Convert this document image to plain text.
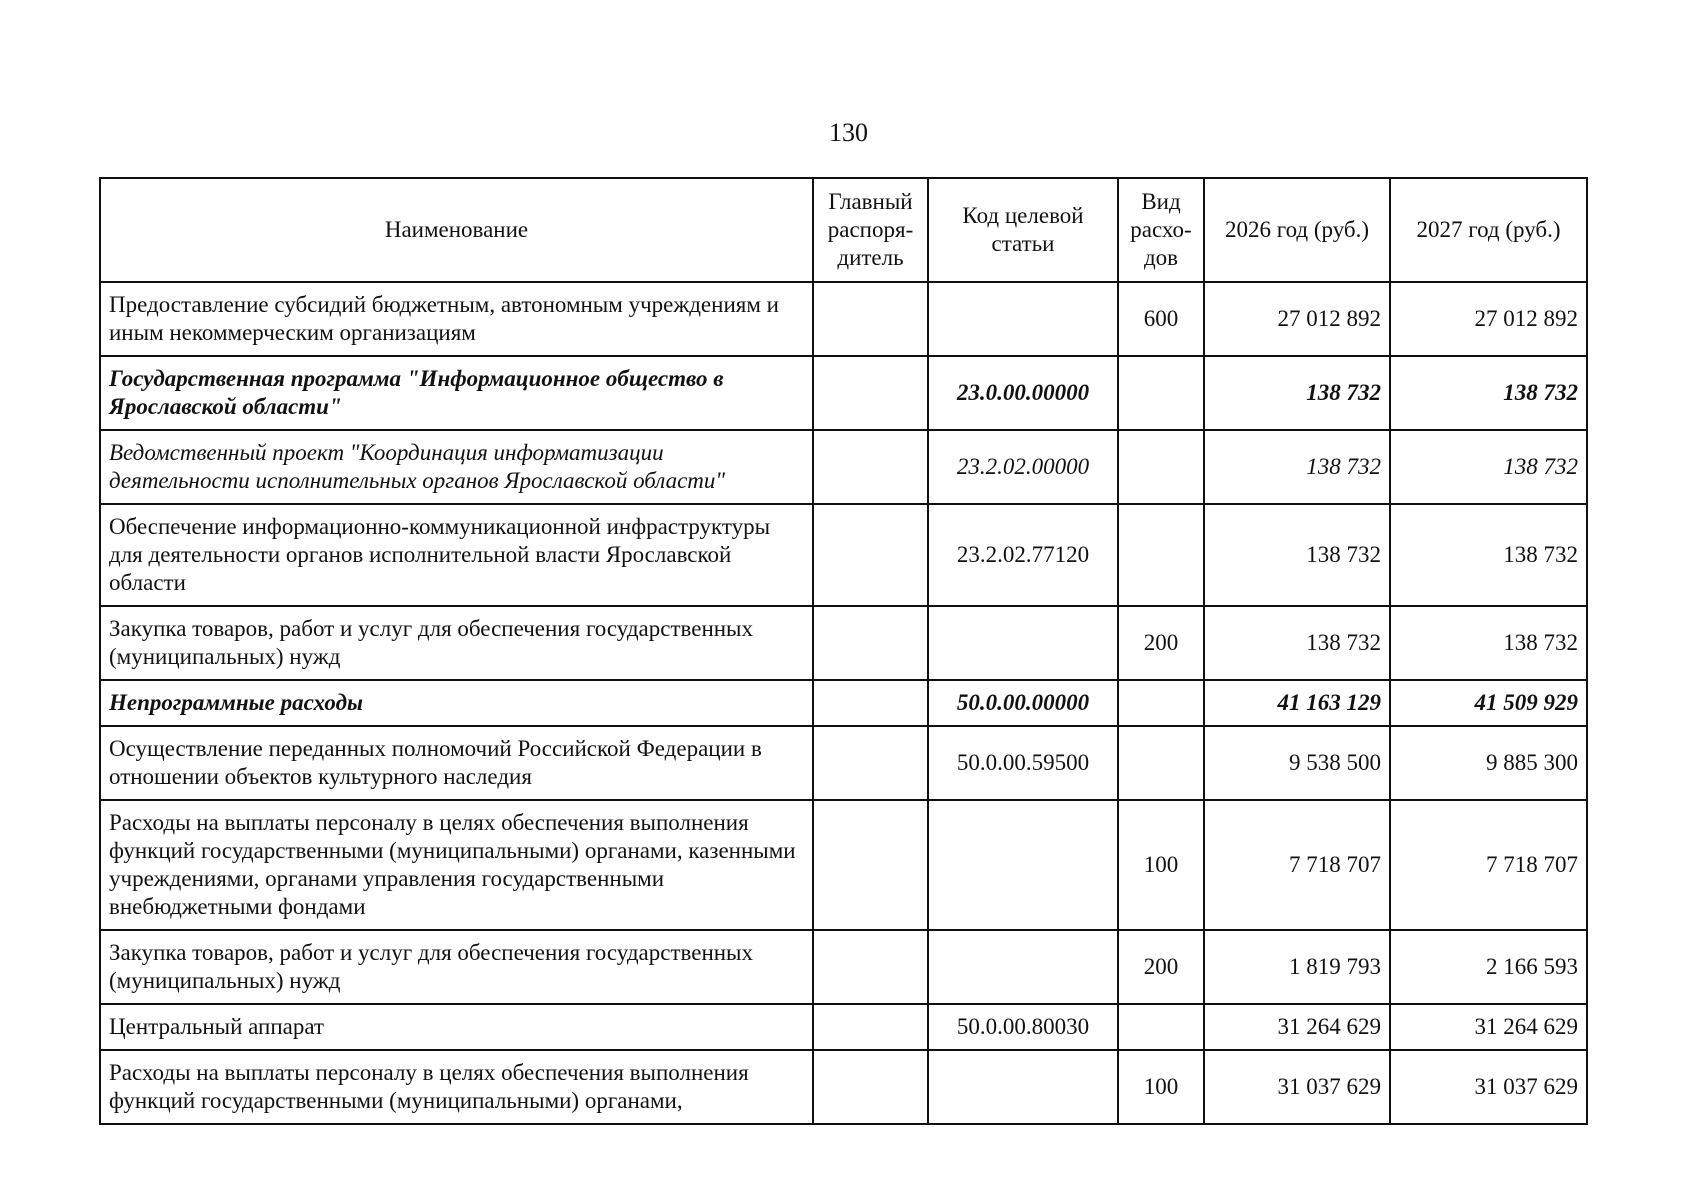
130
Наименование	Главный распоря-дитель	Код целевой статьи	Вид расхо-дов	2026 год (руб.)	2027 год (руб.)
Предоставление субсидий бюджетным, автономным учреждениям и иным некоммерческим организациям			600	27 012 892	27 012 892
Государственная программа "Информационное общество в Ярославской области"		23.0.00.00000		138 732	138 732
Ведомственный проект "Координация информатизации деятельности исполнительных органов Ярославской области"		23.2.02.00000		138 732	138 732
Обеспечение информационно-коммуникационной инфраструктуры для деятельности органов исполнительной власти Ярославской области		23.2.02.77120		138 732	138 732
Закупка товаров, работ и услуг для обеспечения государственных (муниципальных) нужд			200	138 732	138 732
Непрограммные расходы		50.0.00.00000		41 163 129	41 509 929
Осуществление переданных полномочий Российской Федерации в отношении объектов культурного наследия		50.0.00.59500		9 538 500	9 885 300
Расходы на выплаты персоналу в целях обеспечения выполнения функций государственными (муниципальными) органами, казенными учреждениями, органами управления государственными внебюджетными фондами			100	7 718 707	7 718 707
Закупка товаров, работ и услуг для обеспечения государственных (муниципальных) нужд			200	1 819 793	2 166 593
Центральный аппарат		50.0.00.80030		31 264 629	31 264 629
Расходы на выплаты персоналу в целях обеспечения выполнения функций государственными (муниципальными) органами,			100	31 037 629	31 037 629
